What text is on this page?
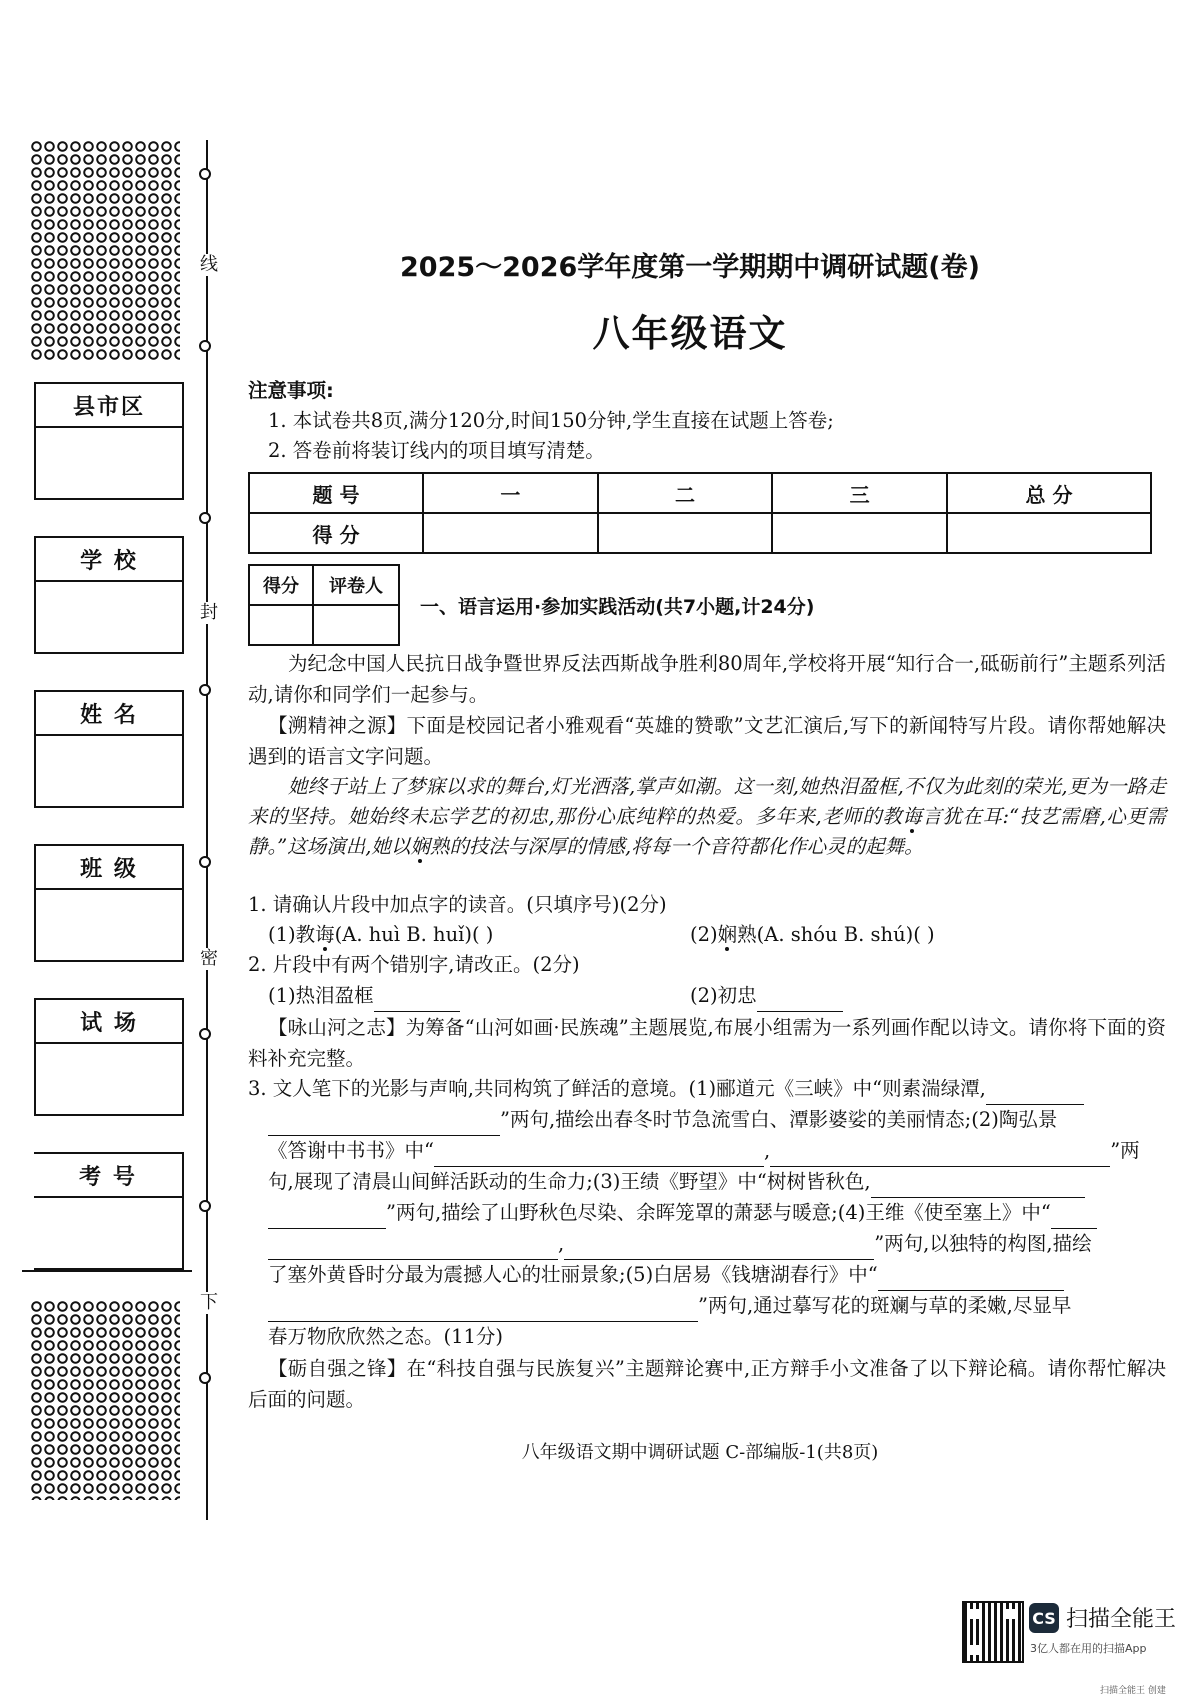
线
封
密
下
县市区
学 校
姓 名
班 级
试 场
考 号
2025～2026学年度第一学期期中调研试题(卷)
八年级语文
注意事项:
1. 本试卷共8页,满分120分,时间150分钟,学生直接在试题上答卷;
2. 答卷前将装订线内的项目填写清楚。
题 号	一	二	三	总 分
得 分				
得分	评卷人

一、语言运用·参加实践活动(共7小题,计24分)
为纪念中国人民抗日战争暨世界反法西斯战争胜利80周年,学校将开展“知行合一,砥砺前行”主题系列活动,请你和同学们一起参与。
【溯精神之源】下面是校园记者小雅观看“英雄的赞歌”文艺汇演后,写下的新闻特写片段。请你帮她解决遇到的语言文字问题。
她终于站上了梦寐以求的舞台,灯光洒落,掌声如潮。这一刻,她热泪盈框,不仅为此刻的荣光,更为一路走来的坚持。她始终未忘学艺的初忠,那份心底纯粹的热爱。多年来,老师的教诲言犹在耳:“技艺需磨,心更需静。”这场演出,她以娴熟的技法与深厚的情感,将每一个音符都化作心灵的起舞。
1. 请确认片段中加点字的读音。(只填序号)(2分)
(1)教诲(A. huì B. huǐ)( )	(2)娴熟(A. shóu B. shú)( )
2. 片段中有两个错别字,请改正。(2分)
(1)热泪盈框	(2)初忠
【咏山河之志】为筹备“山河如画·民族魂”主题展览,布展小组需为一系列画作配以诗文。请你将下面的资料补充完整。
3. 文人笔下的光影与声响,共同构筑了鲜活的意境。(1)郦道元《三峡》中“则素湍绿潭,
”两句,描绘出春冬时节急流雪白、潭影婆娑的美丽情态;(2)陶弘景
《答谢中书书》中“	,	”两
句,展现了清晨山间鲜活跃动的生命力;(3)王绩《野望》中“树树皆秋色,
”两句,描绘了山野秋色尽染、余晖笼罩的萧瑟与暖意;(4)王维《使至塞上》中“
,	”两句,以独特的构图,描绘
了塞外黄昏时分最为震撼人心的壮丽景象;(5)白居易《钱塘湖春行》中“
”两句,通过摹写花的斑斓与草的柔嫩,尽显早
春万物欣欣然之态。(11分)
【砺自强之锋】在“科技自强与民族复兴”主题辩论赛中,正方辩手小文准备了以下辩论稿。请你帮忙解决后面的问题。
八年级语文期中调研试题 C-部编版-1(共8页)
CS 扫描全能王
3亿人都在用的扫描App
扫描全能王 创建
